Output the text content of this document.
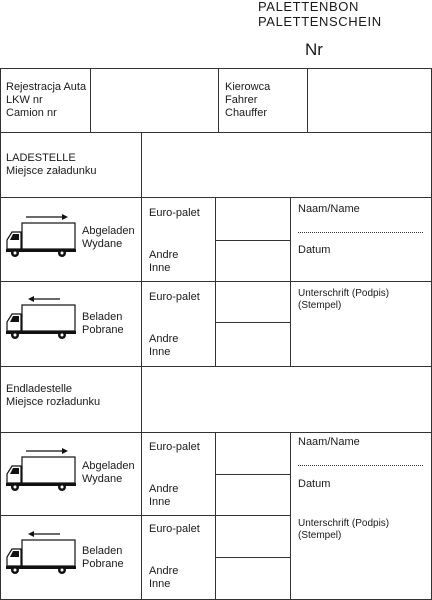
PALETTENBON
PALETTENSCHEIN
Nr
Rejestracja Auta
LKW nr
Camion nr
Kierowca
Fahrer
Chauffer
LADESTELLE
Miejsce załadunku
Abgeladen
Wydane
Euro-palet
Andre
Inne
Naam/Name
Datum
Beladen
Pobrane
Euro-palet
Andre
Inne
Unterschrift (Podpis)
(Stempel)
Endladestelle
Miejsce rozładunku
Abgeladen
Wydane
Euro-palet
Andre
Inne
Naam/Name
Datum
Unterschrift (Podpis)
(Stempel)
Beladen
Pobrane
Euro-palet
Andre
Inne
